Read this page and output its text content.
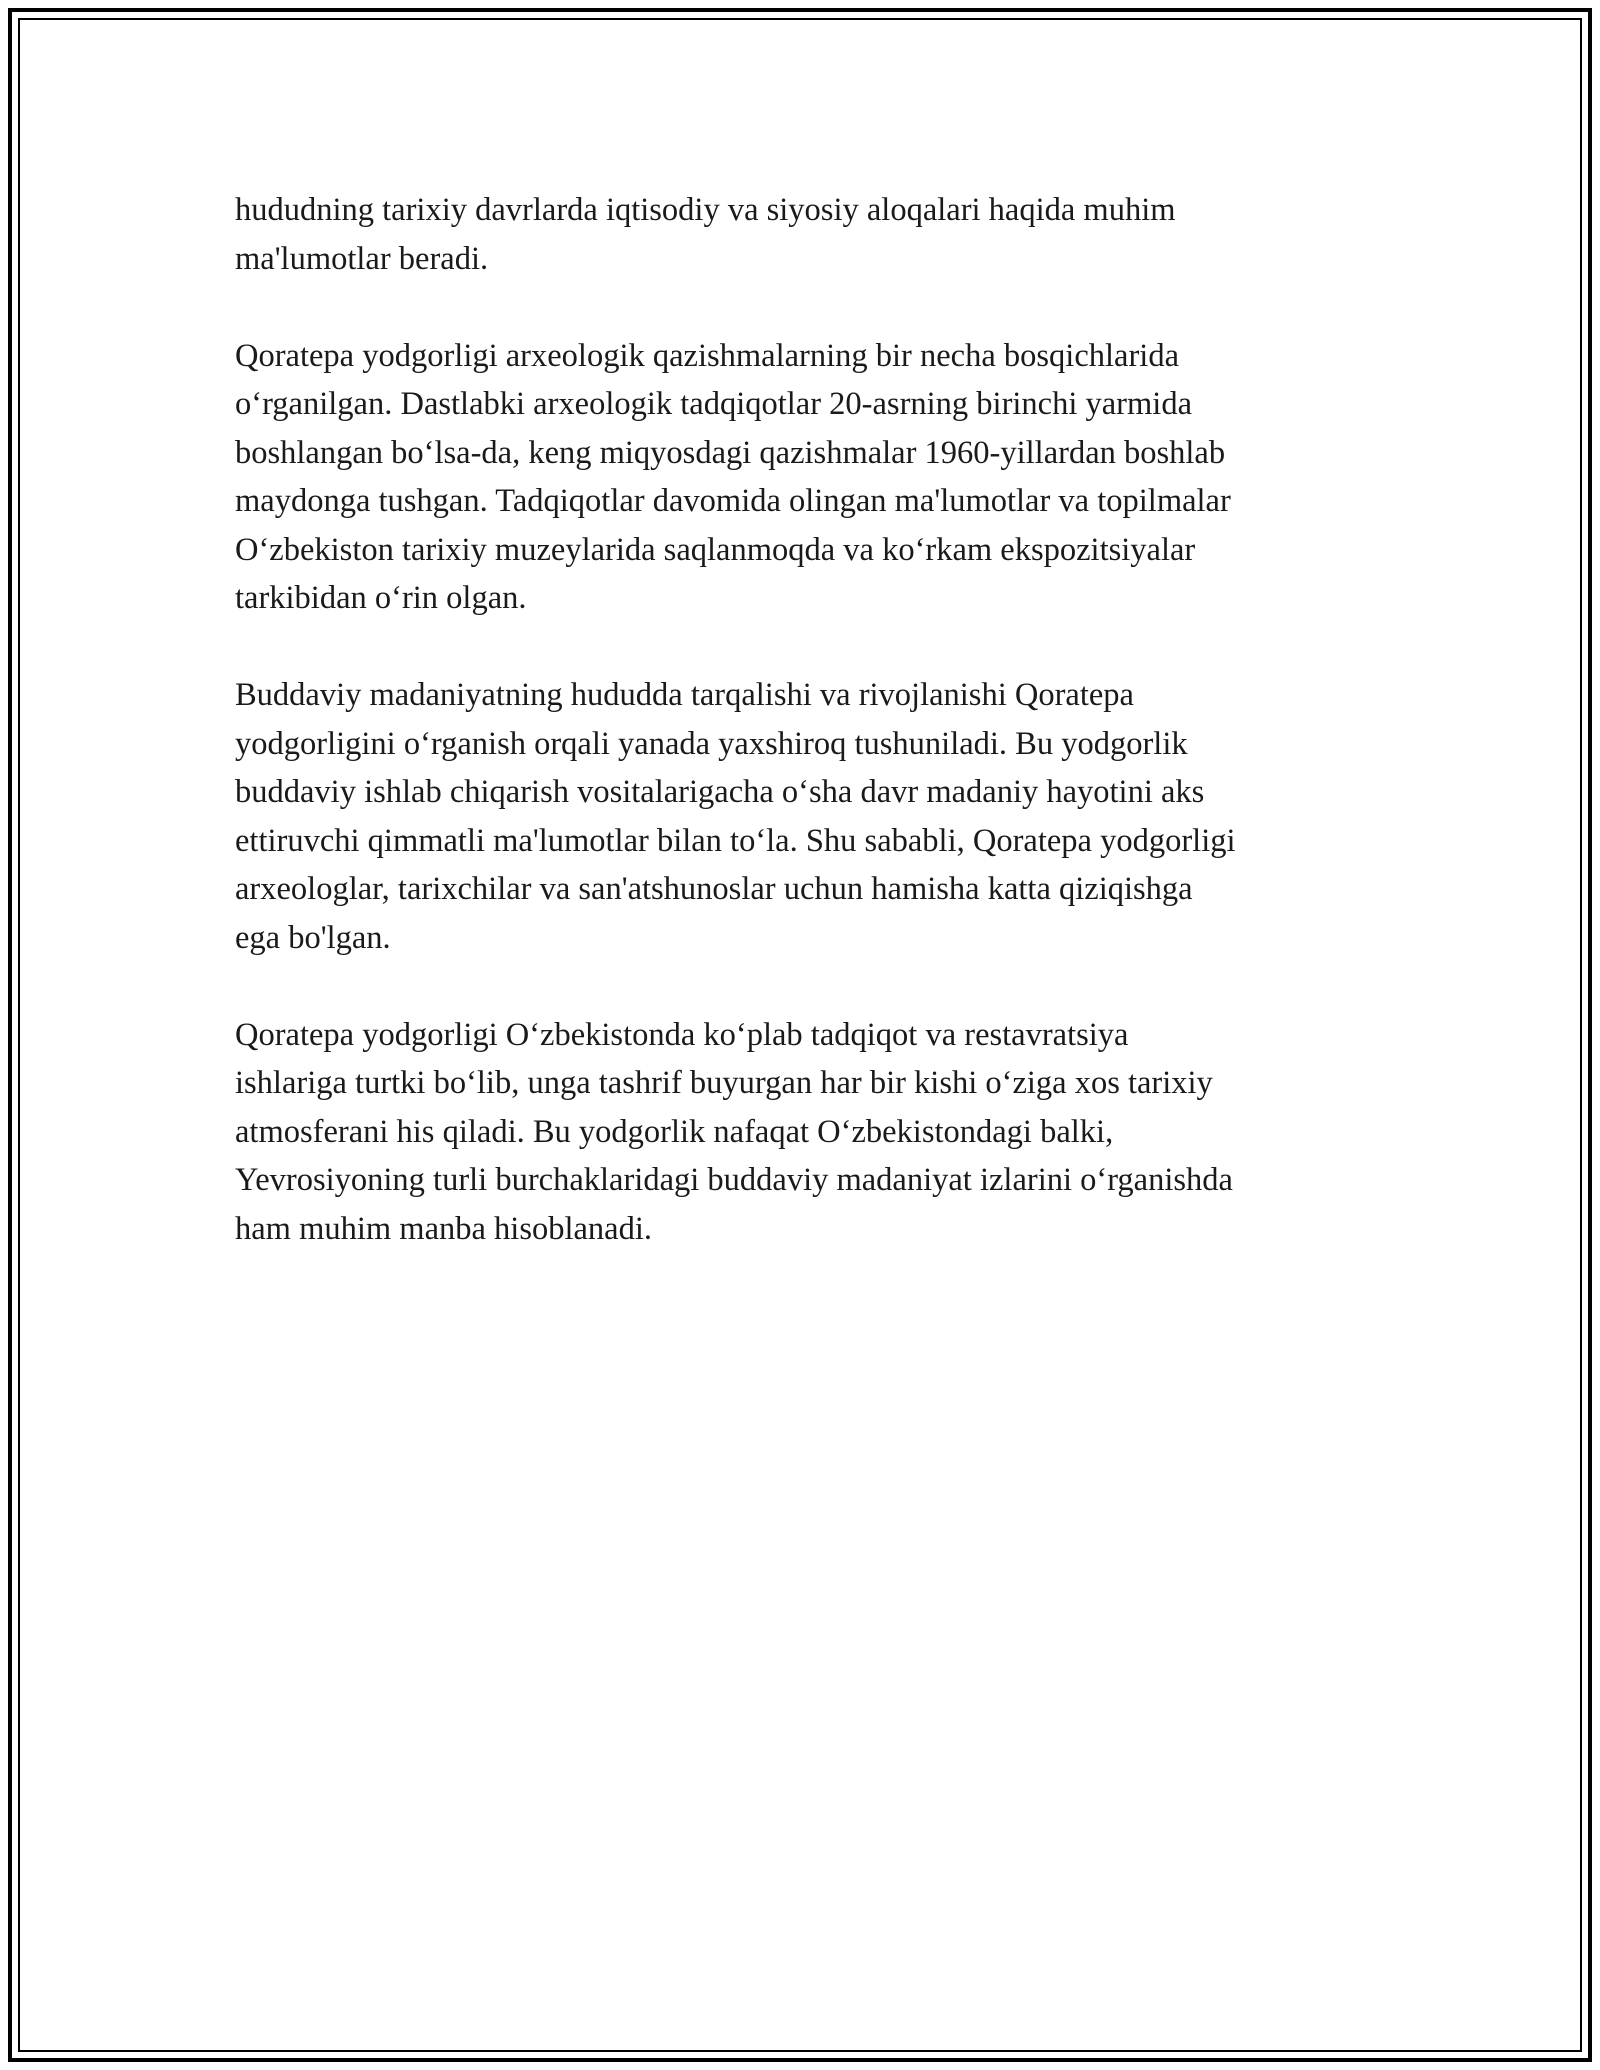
hududning tarixiy davrlarda iqtisodiy va siyosiy aloqalari haqida muhim
ma'lumotlar beradi.

Qoratepa yodgorligi arxeologik qazishmalarning bir necha bosqichlarida
o‘rganilgan. Dastlabki arxeologik tadqiqotlar 20-asrning birinchi yarmida
boshlangan bo‘lsa-da, keng miqyosdagi qazishmalar 1960-yillardan boshlab
maydonga tushgan. Tadqiqotlar davomida olingan ma'lumotlar va topilmalar
O‘zbekiston tarixiy muzeylarida saqlanmoqda va ko‘rkam ekspozitsiyalar
tarkibidan o‘rin olgan.

Buddaviy madaniyatning hududda tarqalishi va rivojlanishi Qoratepa
yodgorligini o‘rganish orqali yanada yaxshiroq tushuniladi. Bu yodgorlik
buddaviy ishlab chiqarish vositalarigacha o‘sha davr madaniy hayotini aks
ettiruvchi qimmatli ma'lumotlar bilan to‘la. Shu sababli, Qoratepa yodgorligi
arxeologlar, tarixchilar va san'atshunoslar uchun hamisha katta qiziqishga
ega bo'lgan.

Qoratepa yodgorligi O‘zbekistonda ko‘plab tadqiqot va restavratsiya
ishlariga turtki bo‘lib, unga tashrif buyurgan har bir kishi o‘ziga xos tarixiy
atmosferani his qiladi. Bu yodgorlik nafaqat O‘zbekistondagi balki,
Yevrosiyoning turli burchaklaridagi buddaviy madaniyat izlarini o‘rganishda
ham muhim manba hisoblanadi.
